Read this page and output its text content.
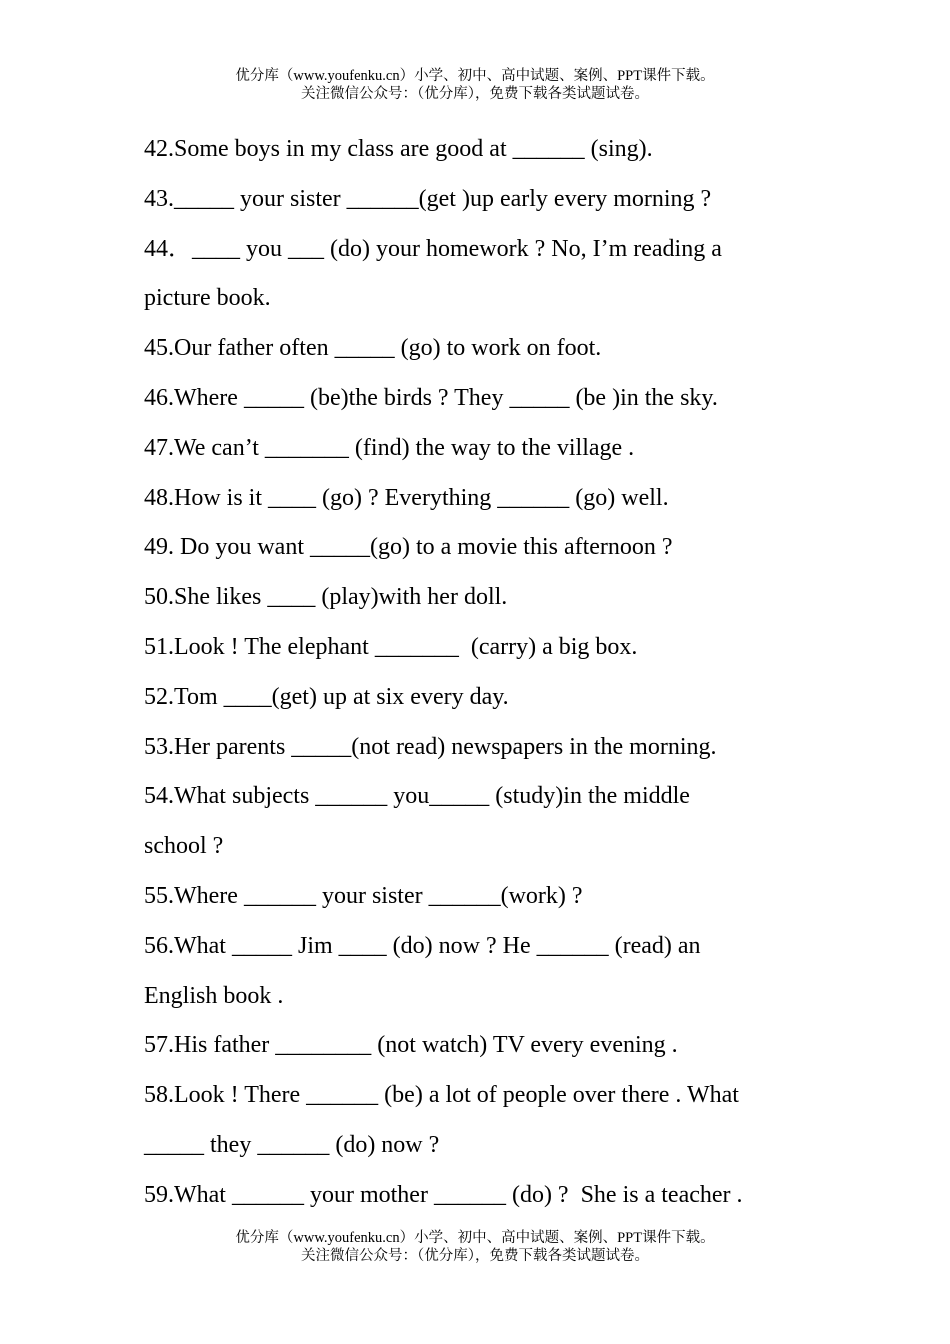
优分库（www.youfenku.cn）小学、初中、高中试题、案例、PPT课件下载。
关注微信公众号：（优分库），免费下载各类试题试卷。
42.Some boys in my class are good at ______ (sing).
43._____ your sister ______(get )up early every morning ?
44．____ you ___ (do) your homework ? No, I’m reading a
picture book.
45.Our father often _____ (go) to work on foot.
46.Where _____ (be)the birds ? They _____ (be )in the sky.
47.We can’t _______ (find) the way to the village .
48.How is it ____ (go) ? Everything ______ (go) well.
49. Do you want _____(go) to a movie this afternoon ?
50.She likes ____ (play)with her doll.
51.Look ! The elephant _______  (carry) a big box.
52.Tom ____(get) up at six every day.
53.Her parents _____(not read) newspapers in the morning.
54.What subjects ______ you_____ (study)in the middle
school ?
55.Where ______ your sister ______(work) ?
56.What _____ Jim ____ (do) now ? He ______ (read) an
English book .
57.His father ________ (not watch) TV every evening .
58.Look ! There ______ (be) a lot of people over there . What
_____ they ______ (do) now ?
59.What ______ your mother ______ (do) ?  She is a teacher .
优分库（www.youfenku.cn）小学、初中、高中试题、案例、PPT课件下载。
关注微信公众号：（优分库），免费下载各类试题试卷。
